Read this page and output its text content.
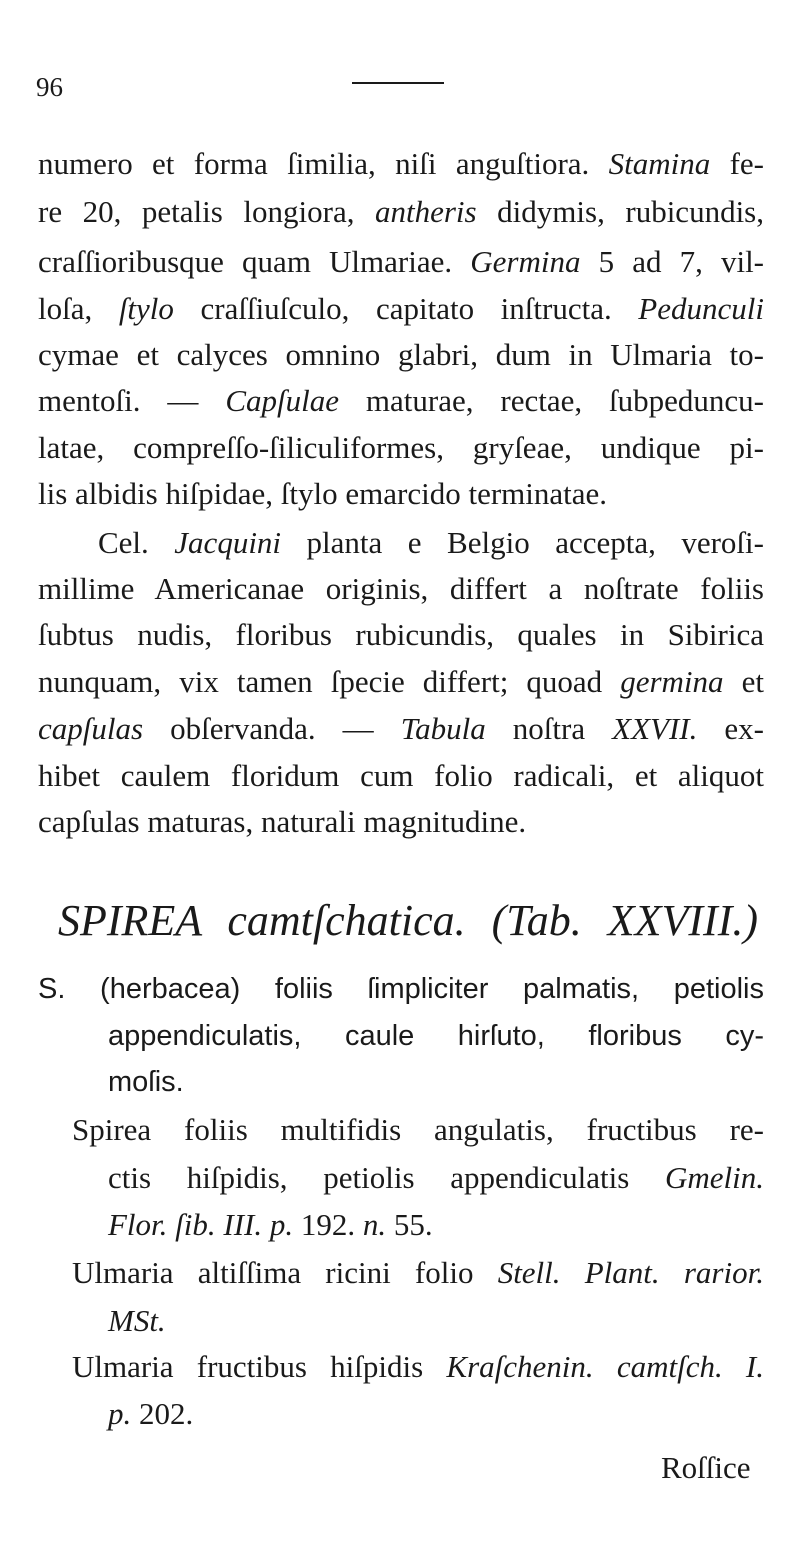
96
numero et forma ſimilia, niſi anguſtiora. Stamina fe-
re 20, petalis longiora, antheris didymis, rubicundis,
craſſioribusque quam Ulmariae. Germina 5 ad 7, vil-
loſa, ſtylo craſſiuſculo, capitato inſtructa. Pedunculi
cymae et calyces omnino glabri, dum in Ulmaria to-
mentoſi. — Capſulae maturae, rectae, ſubpeduncu-
latae, compreſſo-ſiliculiformes, gryſeae, undique pi-
lis albidis hiſpidae, ſtylo emarcido terminatae.
Cel. Jacquini planta e Belgio accepta, veroſi-
millime Americanae originis, differt a noſtrate foliis
ſubtus nudis, floribus rubicundis, quales in Sibirica
nunquam, vix tamen ſpecie differt; quoad germina et
capſulas obſervanda. — Tabula noſtra XXVII. ex-
hibet caulem floridum cum folio radicali, et aliquot
capſulas maturas, naturali magnitudine.
SPIREA camtſchatica. (Tab. XXVIII.)
S. (herbacea) foliis ſimpliciter palmatis, petiolis
appendiculatis, caule hirſuto, floribus cy-
moſis.
Spirea foliis multifidis angulatis, fructibus re-
ctis hiſpidis, petiolis appendiculatis Gmelin.
Flor. ſib. III. p. 192. n. 55.
Ulmaria altiſſima ricini folio Stell. Plant. rarior.
MSt.
Ulmaria fructibus hiſpidis Kraſchenin. camtſch. I.
p. 202.
Roſſice
